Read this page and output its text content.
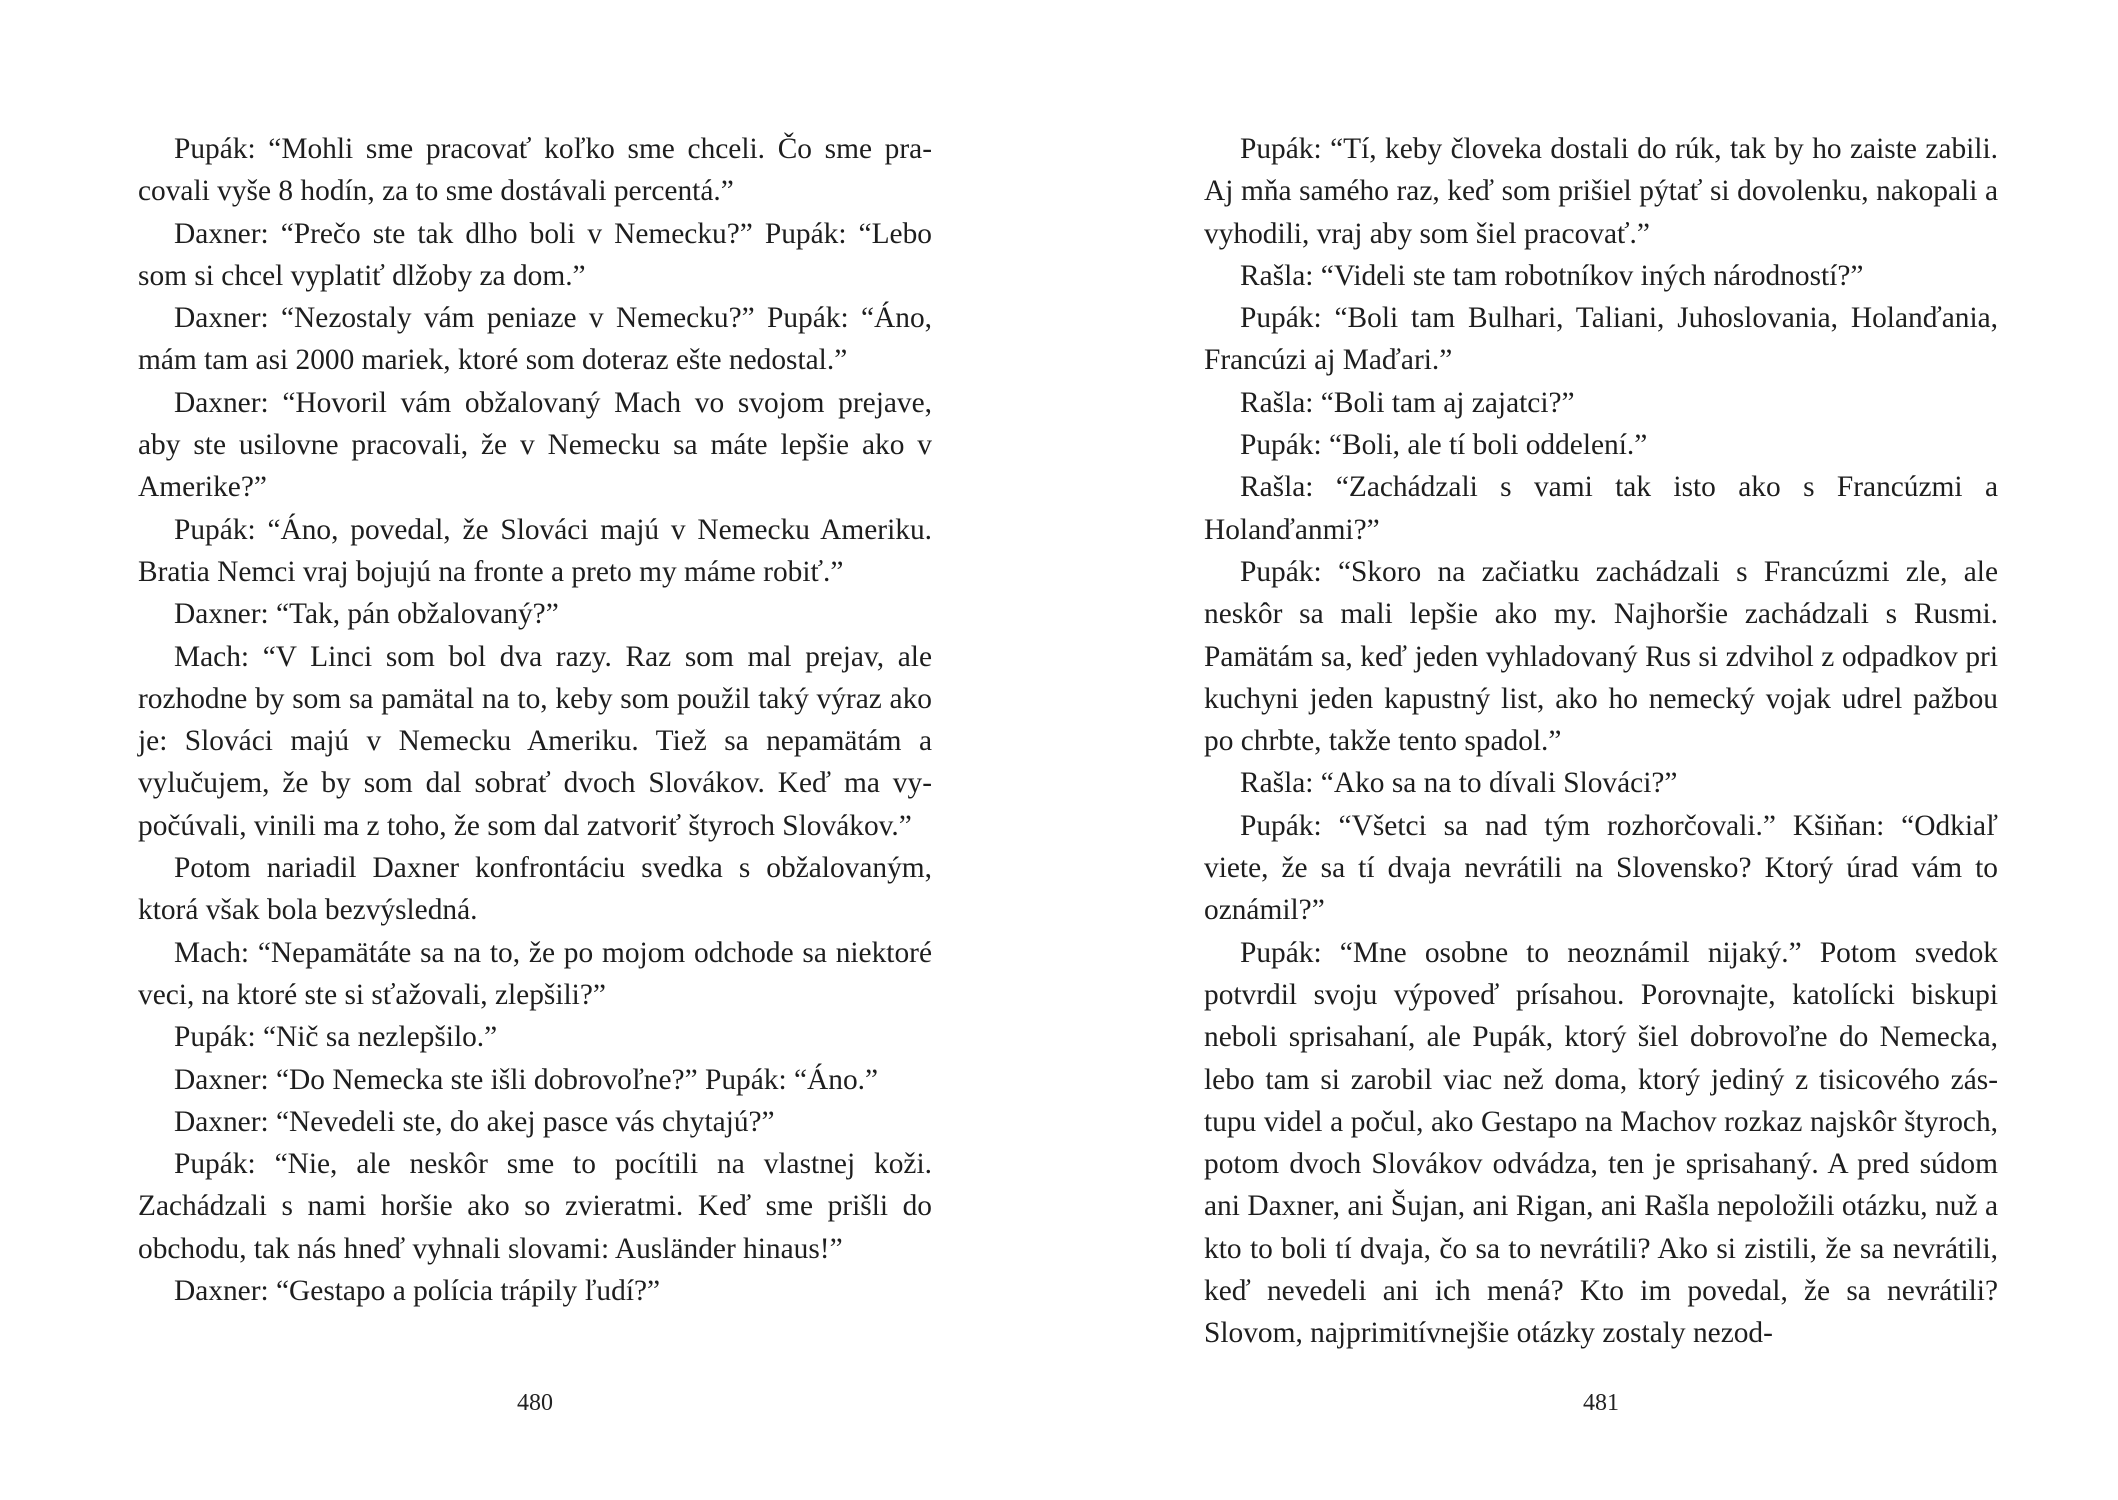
Pupák: “Mohli sme pracovať koľko sme chceli. Čo sme pracovali vyše 8 hodín, za to sme dostávali percentá.”

Daxner: “Prečo ste tak dlho boli v Nemecku?” Pupák: “Lebo som si chcel vyplatiť dlžoby za dom.”

Daxner: “Nezostaly vám peniaze v Nemecku?” Pupák: “Áno, mám tam asi 2000 mariek, ktoré som doteraz ešte nedostal.”

Daxner: “Hovoril vám obžalovaný Mach vo svojom prejave, aby ste usilovne pracovali, že v Nemecku sa máte lepšie ako v Amerike?”

Pupák: “Áno, povedal, že Slováci majú v Nemecku Ameriku. Bratia Nemci vraj bojujú na fronte a preto my máme robiť.”

Daxner: “Tak, pán obžalovaný?”

Mach: “V Linci som bol dva razy. Raz som mal prejav, ale rozhodne by som sa pamätal na to, keby som použil taký výraz ako je: Slováci majú v Nemecku Ameriku. Tiež sa nepamätám a vylučujem, že by som dal sobrať dvoch Slovákov. Keď ma vypočúvali, vinili ma z toho, že som dal zatvoriť štyroch Slovákov.”

Potom nariadil Daxner konfrontáciu svedka s obžalovaným, ktorá však bola bezvýsledná.

Mach: “Nepamätáte sa na to, že po mojom odchode sa niektoré veci, na ktoré ste si sťažovali, zlepšili?”

Pupák: “Nič sa nezlepšilo.”

Daxner: “Do Nemecka ste išli dobrovoľne?” Pupák: “Áno.”

Daxner: “Nevedeli ste, do akej pasce vás chytajú?”

Pupák: “Nie, ale neskôr sme to pocítili na vlastnej koži. Zachádzali s nami horšie ako so zvieratmi. Keď sme prišli do obchodu, tak nás hneď vyhnali slovami: Ausländer hinaus!”

Daxner: “Gestapo a polícia trápily ľudí?”

480

Pupák: “Tí, keby človeka dostali do rúk, tak by ho zaiste zabili. Aj mňa samého raz, keď som prišiel pýtať si dovolenku, nakopali a vyhodili, vraj aby som šiel pracovať.”

Rašla: “Videli ste tam robotníkov iných národností?”

Pupák: “Boli tam Bulhari, Taliani, Juhoslovania, Holanďania, Francúzi aj Maďari.”

Rašla: “Boli tam aj zajatci?”

Pupák: “Boli, ale tí boli oddelení.”

Rašla: “Zachádzali s vami tak isto ako s Francúzmi a Holanďanmi?”

Pupák: “Skoro na začiatku zachádzali s Francúzmi zle, ale neskôr sa mali lepšie ako my. Najhoršie zachádzali s Rusmi. Pamätám sa, keď jeden vyhladovaný Rus si zdvihol z odpadkov pri kuchyni jeden kapustný list, ako ho nemecký vojak udrel pažbou po chrbte, takže tento spadol.”

Rašla: “Ako sa na to dívali Slováci?”

Pupák: “Všetci sa nad tým rozhorčovali.” Kšiňan: “Odkiaľ viete, že sa tí dvaja nevrátili na Slovensko? Ktorý úrad vám to oznámil?”

Pupák: “Mne osobne to neoznámil nijaký.” Potom svedok potvrdil svoju výpoveď prísahou. Porovnajte, katolícki biskupi neboli sprisahaní, ale Pupák, ktorý šiel dobrovoľne do Nemecka, lebo tam si zarobil viac než doma, ktorý jediný z tisicového zástupu videl a počul, ako Gestapo na Machov rozkaz najskôr štyroch, potom dvoch Slovákov odvádza, ten je sprisahaný. A pred súdom ani Daxner, ani Šujan, ani Rigan, ani Rašla nepoložili otázku, nuž a kto to boli tí dvaja, čo sa to nevrátili? Ako si zistili, že sa nevrátili, keď nevedeli ani ich mená? Kto im povedal, že sa nevrátili? Slovom, najprimitívnejšie otázky zostaly nezod-

481
